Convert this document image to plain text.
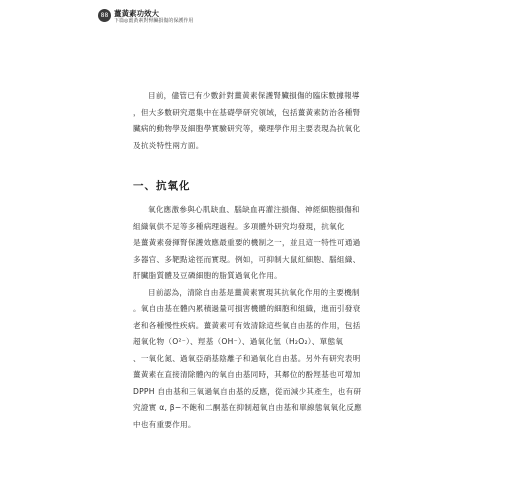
88 薑黃素功效大
下篇◎薑黃素對腎臟損傷的保護作用

目前，儘管已有少數針對薑黃素保護腎臟損傷的臨床數據報導

，但大多數研究還集中在基礎學研究領域，包括薑黃素防治各種腎

臟病的動物學及細胞學實驗研究等，藥理學作用主要表現為抗氧化

及抗炎特性兩方面。

一、抗氧化

氧化應激參與心肌缺血、腦缺血再灌注損傷、神經細胞損傷和

組織氧供不足等多種病理過程。多項體外研究均發現，抗氧化

是薑黃素發揮腎保護效應最重要的機制之一，並且這一特性可通過

多器官、多靶點途徑而實現。例如，可抑制大鼠紅細胞、腦組織、

肝臟脂質體及豆磷細胞的脂質過氧化作用。

目前認為，清除自由基是薑黃素實現其抗氧化作用的主要機制

。氧自由基在體內累積過量可損害機體的細胞和組織，進而引發衰

老和各種慢性疾病。薑黃素可有效清除這些氧自由基的作用，包括

超氧化物（O²⁻）、羥基（OH⁻）、過氧化氫（H₂O₂）、單態氧

、一氧化氮、過氧亞硝基陰離子和過氧化自由基。另外有研究表明

薑黃素在直接清除體內的氧自由基同時，其鄰位的酚羥基也可增加

DPPH 自由基和三氧過氧自由基的反應，從而減少其產生，也有研

究證實 α, β−不飽和二酮基在抑制超氧自由基和單線態氧氧化反應

中也有重要作用。
